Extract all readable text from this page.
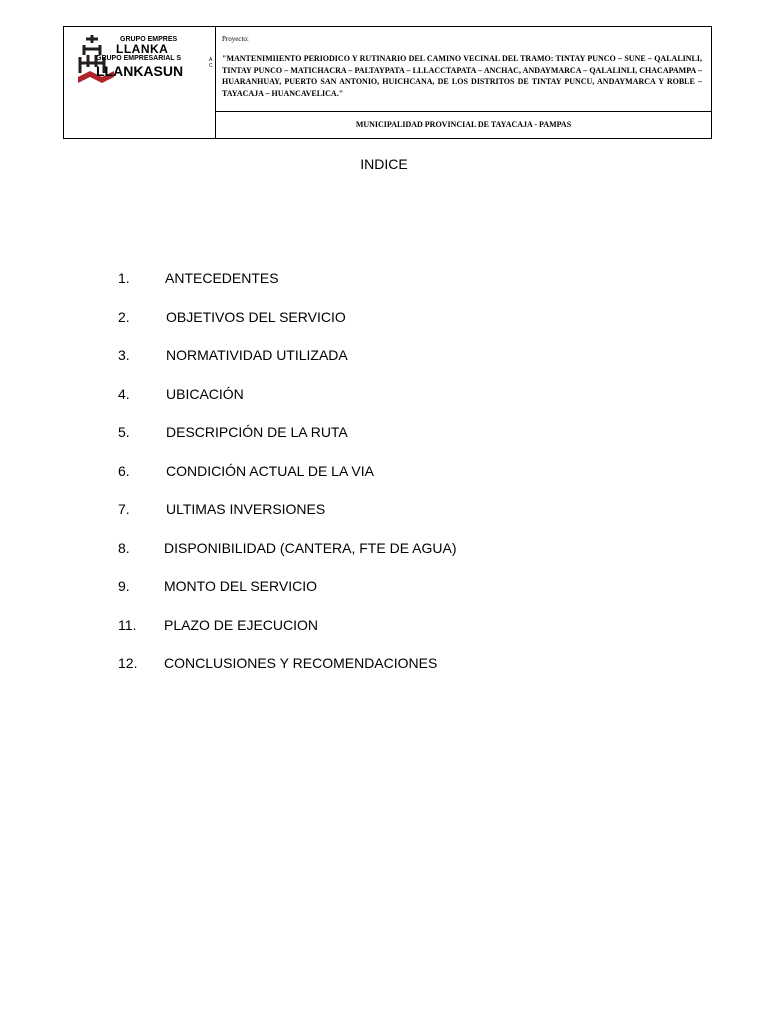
GRUPO EMPRES
LLANKA
GRUPO EMPRESARIAL S
LLANKASUN
A C
Proyecto:
"MANTENIMIIENTO PERIODICO Y RUTINARIO DEL CAMINO VECINAL DEL TRAMO: TINTAY PUNCO – SUNE – QALALINLI, TINTAY PUNCO – MATICHACRA – PALTAYPATA – LLLACCTAPATA – ANCHAC, ANDAYMARCA – QALALINLI, CHACAPAMPA – HUARANHUAY, PUERTO SAN ANTONIO, HUICHCANA, DE LOS DISTRITOS DE TINTAY PUNCU, ANDAYMARCA Y ROBLE – TAYACAJA – HUANCAVELICA."
MUNICIPALIDAD PROVINCIAL DE TAYACAJA - PAMPAS
INDICE
1.	ANTECEDENTES
2.	OBJETIVOS DEL SERVICIO
3.	NORMATIVIDAD UTILIZADA
4.	UBICACIÓN
5.	DESCRIPCIÓN DE LA RUTA
6.	CONDICIÓN ACTUAL DE LA VIA
7.	ULTIMAS INVERSIONES
8. DISPONIBILIDAD (CANTERA, FTE DE AGUA)
9. MONTO DEL SERVICIO
11. PLAZO DE EJECUCION
12. CONCLUSIONES Y RECOMENDACIONES
